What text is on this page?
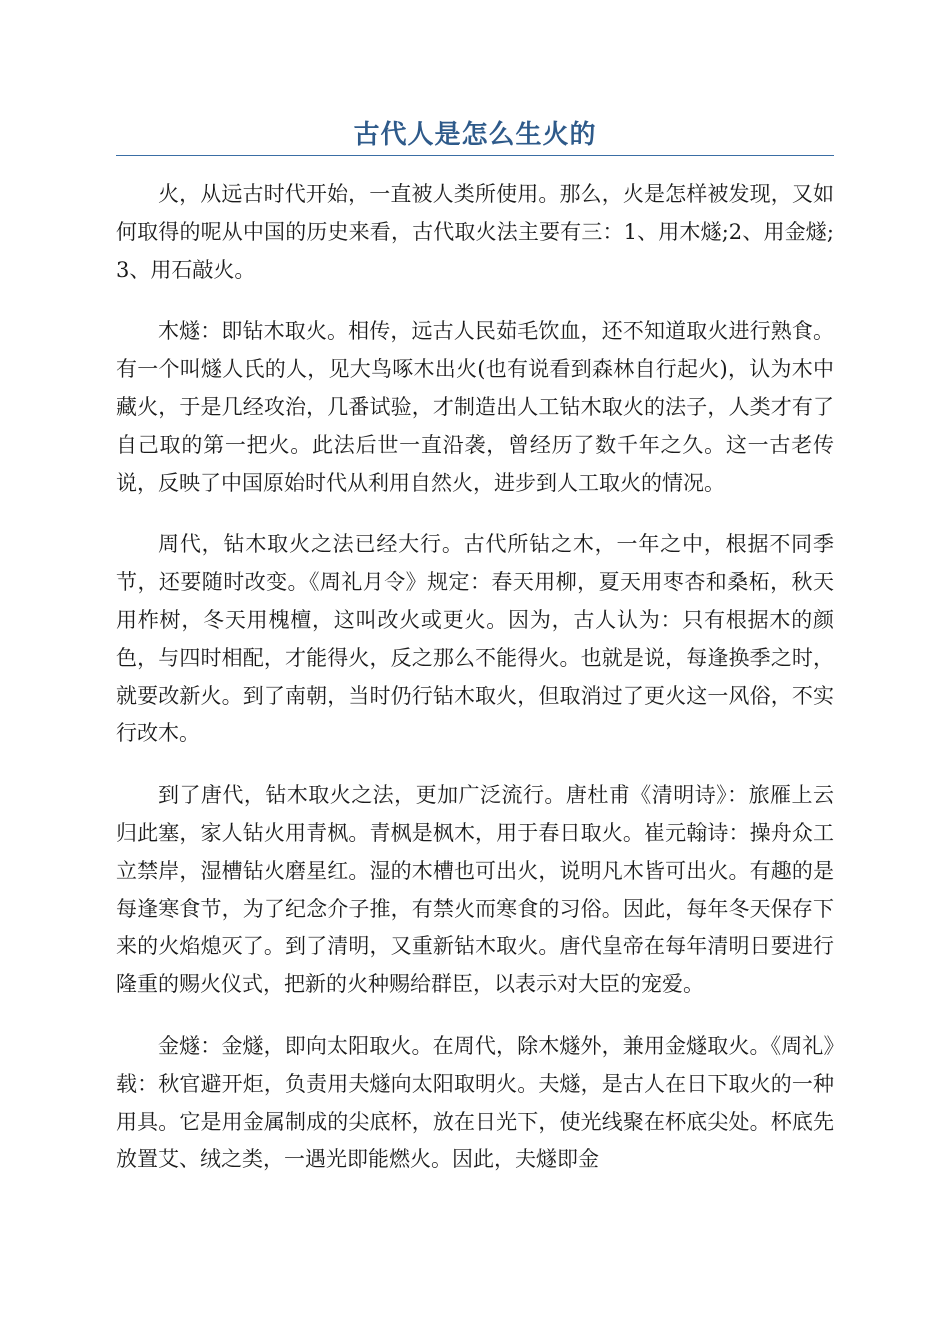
古代人是怎么生火的

火，从远古时代开始，一直被人类所使用。那么，火是怎样被发现，又如何取得的呢从中国的历史来看，古代取火法主要有三：1、用木燧;2、用金燧;3、用石敲火。

木燧：即钻木取火。相传，远古人民茹毛饮血，还不知道取火进行熟食。有一个叫燧人氏的人，见大鸟啄木出火(也有说看到森林自行起火)，认为木中藏火，于是几经攻治，几番试验，才制造出人工钻木取火的法子，人类才有了自己取的第一把火。此法后世一直沿袭，曾经历了数千年之久。这一古老传说，反映了中国原始时代从利用自然火，进步到人工取火的情况。

周代，钻木取火之法已经大行。古代所钻之木，一年之中，根据不同季节，还要随时改变。《周礼月令》规定：春天用柳，夏天用枣杏和桑柘，秋天用柞树，冬天用槐檀，这叫改火或更火。因为，古人认为：只有根据木的颜色，与四时相配，才能得火，反之那么不能得火。也就是说，每逢换季之时，就要改新火。到了南朝，当时仍行钻木取火，但取消过了更火这一风俗，不实行改木。

到了唐代，钻木取火之法，更加广泛流行。唐杜甫《清明诗》：旅雁上云归此塞，家人钻火用青枫。青枫是枫木，用于春日取火。崔元翰诗：操舟众工立禁岸，湿槽钻火磨星红。湿的木槽也可出火，说明凡木皆可出火。有趣的是每逢寒食节，为了纪念介子推，有禁火而寒食的习俗。因此，每年冬天保存下来的火焰熄灭了。到了清明，又重新钻木取火。唐代皇帝在每年清明日要进行隆重的赐火仪式，把新的火种赐给群臣，以表示对大臣的宠爱。

金燧：金燧，即向太阳取火。在周代，除木燧外，兼用金燧取火。《周礼》载：秋官避开炬，负责用夫燧向太阳取明火。夫燧，是古人在日下取火的一种用具。它是用金属制成的尖底杯，放在日光下，使光线聚在杯底尖处。杯底先放置艾、绒之类，一遇光即能燃火。因此，夫燧即金
